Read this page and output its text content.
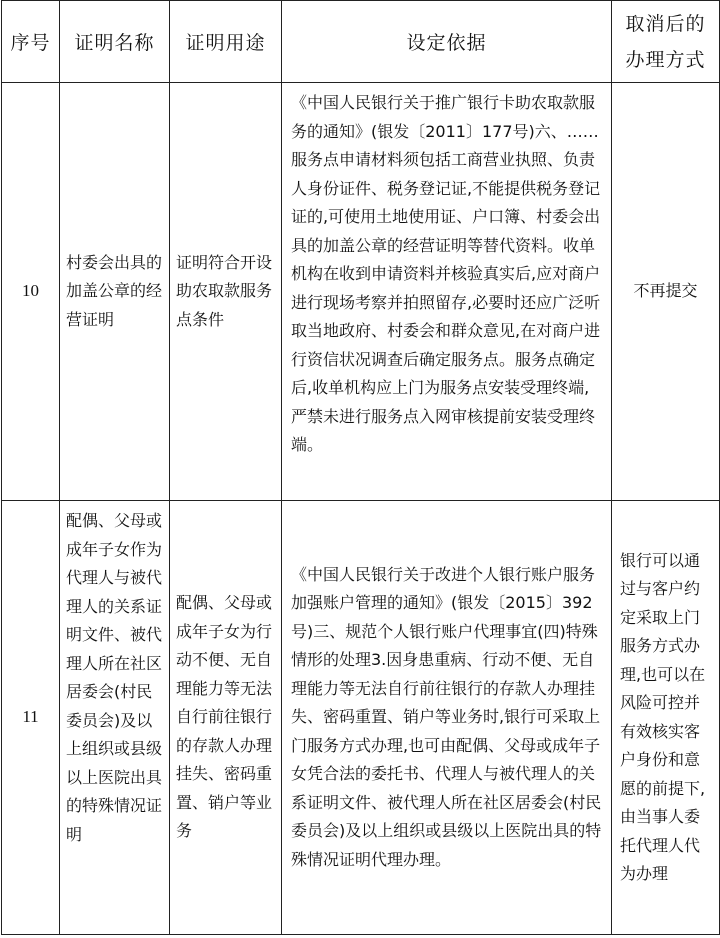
序号	证明名称	证明用途	设定依据	取消后的
办理方式
10	村委会出具的加盖公章的经营证明	证明符合开设助农取款服务点条件	《中国人民银行关于推广银行卡助农取款服务的通知》(银发〔2011〕177号)六、……服务点申请材料须包括工商营业执照、负责人身份证件、税务登记证,不能提供税务登记证的,可使用土地使用证、户口簿、村委会出具的加盖公章的经营证明等替代资料。收单机构在收到申请资料并核验真实后,应对商户进行现场考察并拍照留存,必要时还应广泛听取当地政府、村委会和群众意见,在对商户进行资信状况调查后确定服务点。服务点确定后,收单机构应上门为服务点安装受理终端,严禁未进行服务点入网审核提前安装受理终端。	不再提交
11	配偶、父母或成年子女作为代理人与被代理人的关系证明文件、被代理人所在社区居委会(村民委员会)及以上组织或县级以上医院出具的特殊情况证明	配偶、父母或成年子女为行动不便、无自理能力等无法自行前往银行的存款人办理挂失、密码重置、销户等业务	《中国人民银行关于改进个人银行账户服务 加强账户管理的通知》(银发〔2015〕392号)三、规范个人银行账户代理事宜(四)特殊情形的处理3.因身患重病、行动不便、无自理能力等无法自行前往银行的存款人办理挂失、密码重置、销户等业务时,银行可采取上门服务方式办理,也可由配偶、父母或成年子女凭合法的委托书、代理人与被代理人的关系证明文件、被代理人所在社区居委会(村民委员会)及以上组织或县级以上医院出具的特殊情况证明代理办理。	银行可以通过与客户约定采取上门服务方式办理,也可以在风险可控并有效核实客户身份和意愿的前提下,由当事人委托代理人代为办理
